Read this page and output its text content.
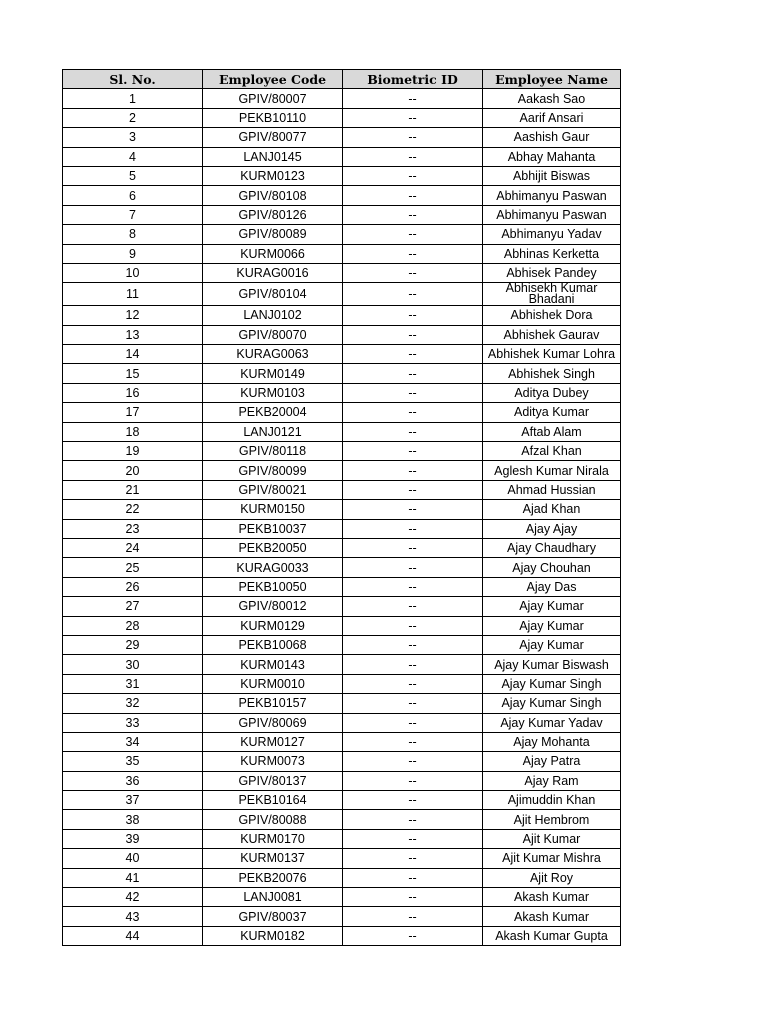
Sl. No.	Employee Code	Biometric ID	Employee Name
1	GPIV/80007	--	Aakash Sao
2	PEKB10110	--	Aarif Ansari
3	GPIV/80077	--	Aashish Gaur
4	LANJ0145	--	Abhay Mahanta
5	KURM0123	--	Abhijit Biswas
6	GPIV/80108	--	Abhimanyu Paswan
7	GPIV/80126	--	Abhimanyu Paswan
8	GPIV/80089	--	Abhimanyu Yadav
9	KURM0066	--	Abhinas Kerketta
10	KURAG0016	--	Abhisek Pandey
11	GPIV/80104	--	Abhisekh Kumar Bhadani
12	LANJ0102	--	Abhishek Dora
13	GPIV/80070	--	Abhishek Gaurav
14	KURAG0063	--	Abhishek Kumar Lohra
15	KURM0149	--	Abhishek Singh
16	KURM0103	--	Aditya Dubey
17	PEKB20004	--	Aditya Kumar
18	LANJ0121	--	Aftab Alam
19	GPIV/80118	--	Afzal Khan
20	GPIV/80099	--	Aglesh Kumar Nirala
21	GPIV/80021	--	Ahmad Hussian
22	KURM0150	--	Ajad Khan
23	PEKB10037	--	Ajay Ajay
24	PEKB20050	--	Ajay Chaudhary
25	KURAG0033	--	Ajay Chouhan
26	PEKB10050	--	Ajay Das
27	GPIV/80012	--	Ajay Kumar
28	KURM0129	--	Ajay Kumar
29	PEKB10068	--	Ajay Kumar
30	KURM0143	--	Ajay Kumar Biswash
31	KURM0010	--	Ajay Kumar Singh
32	PEKB10157	--	Ajay Kumar Singh
33	GPIV/80069	--	Ajay Kumar Yadav
34	KURM0127	--	Ajay Mohanta
35	KURM0073	--	Ajay Patra
36	GPIV/80137	--	Ajay Ram
37	PEKB10164	--	Ajimuddin Khan
38	GPIV/80088	--	Ajit Hembrom
39	KURM0170	--	Ajit Kumar
40	KURM0137	--	Ajit Kumar Mishra
41	PEKB20076	--	Ajit Roy
42	LANJ0081	--	Akash Kumar
43	GPIV/80037	--	Akash Kumar
44	KURM0182	--	Akash Kumar Gupta
